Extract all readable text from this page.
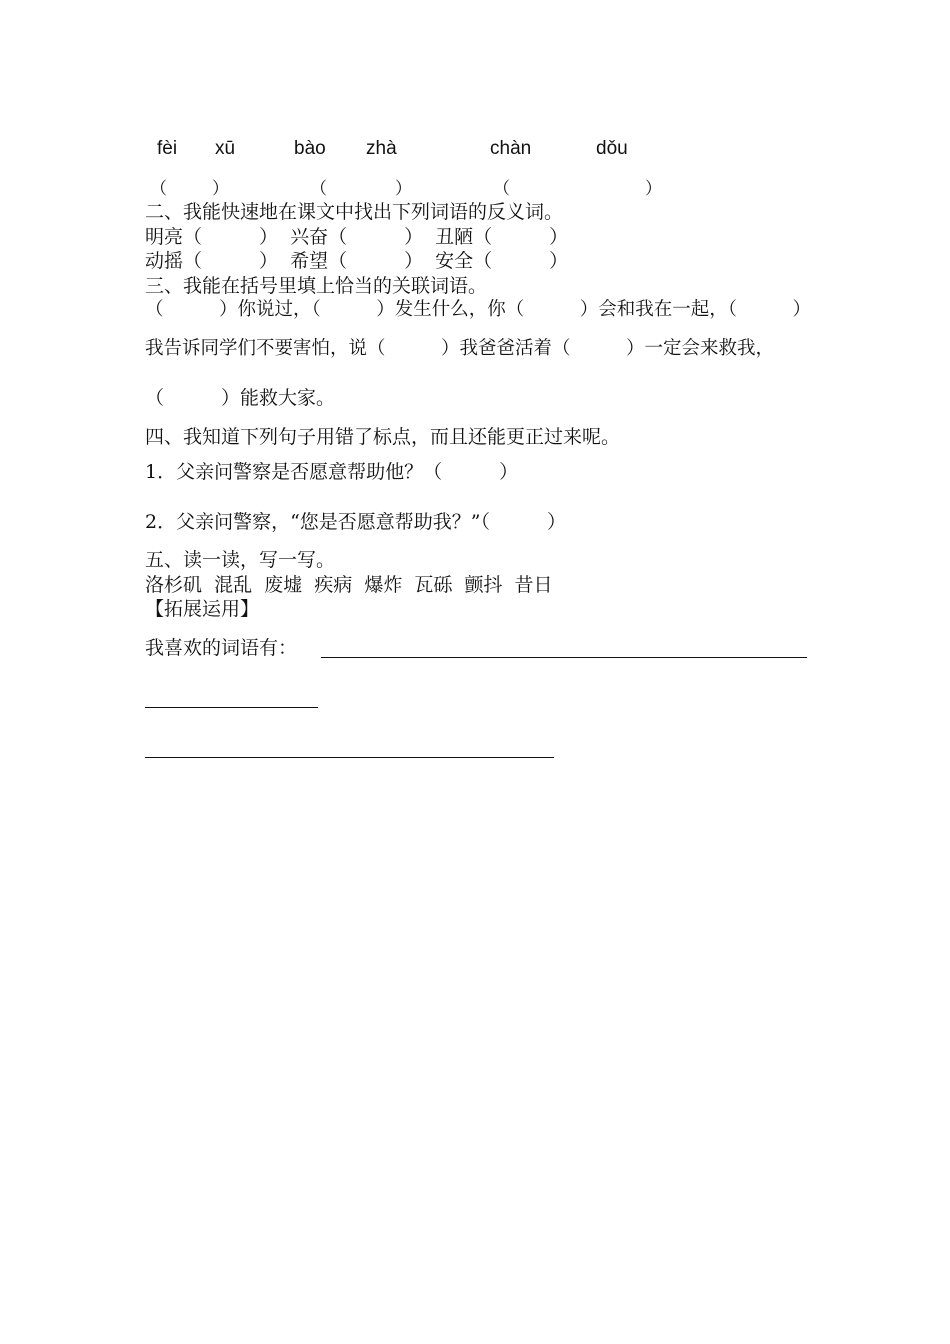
fèi xū	bào zhà	chàn	dǒu
（	）	（	）	（	）
二、我能快速地在课文中找出下列词语的反义词。
明亮（　　　）  兴奋（　　　）  丑陋（　　　）
动摇（　　　）  希望（　　　）  安全（　　　）
三、我能在括号里填上恰当的关联词语。
（　　　）你说过，（　　　）发生什么，你（　　　）会和我在一起，（　　　）
我告诉同学们不要害怕，说（　　　）我爸爸活着（　　　）一定会来救我，
（　　　）能救大家。
四、我知道下列句子用错了标点，而且还能更正过来呢。
1．父亲问警察是否愿意帮助他？（　　　）
2．父亲问警察，“您是否愿意帮助我？”（　　　）
五、读一读，写一写。
洛杉矶  混乱  废墟  疾病  爆炸  瓦砾  颤抖  昔日
【拓展运用】
我喜欢的词语有：
